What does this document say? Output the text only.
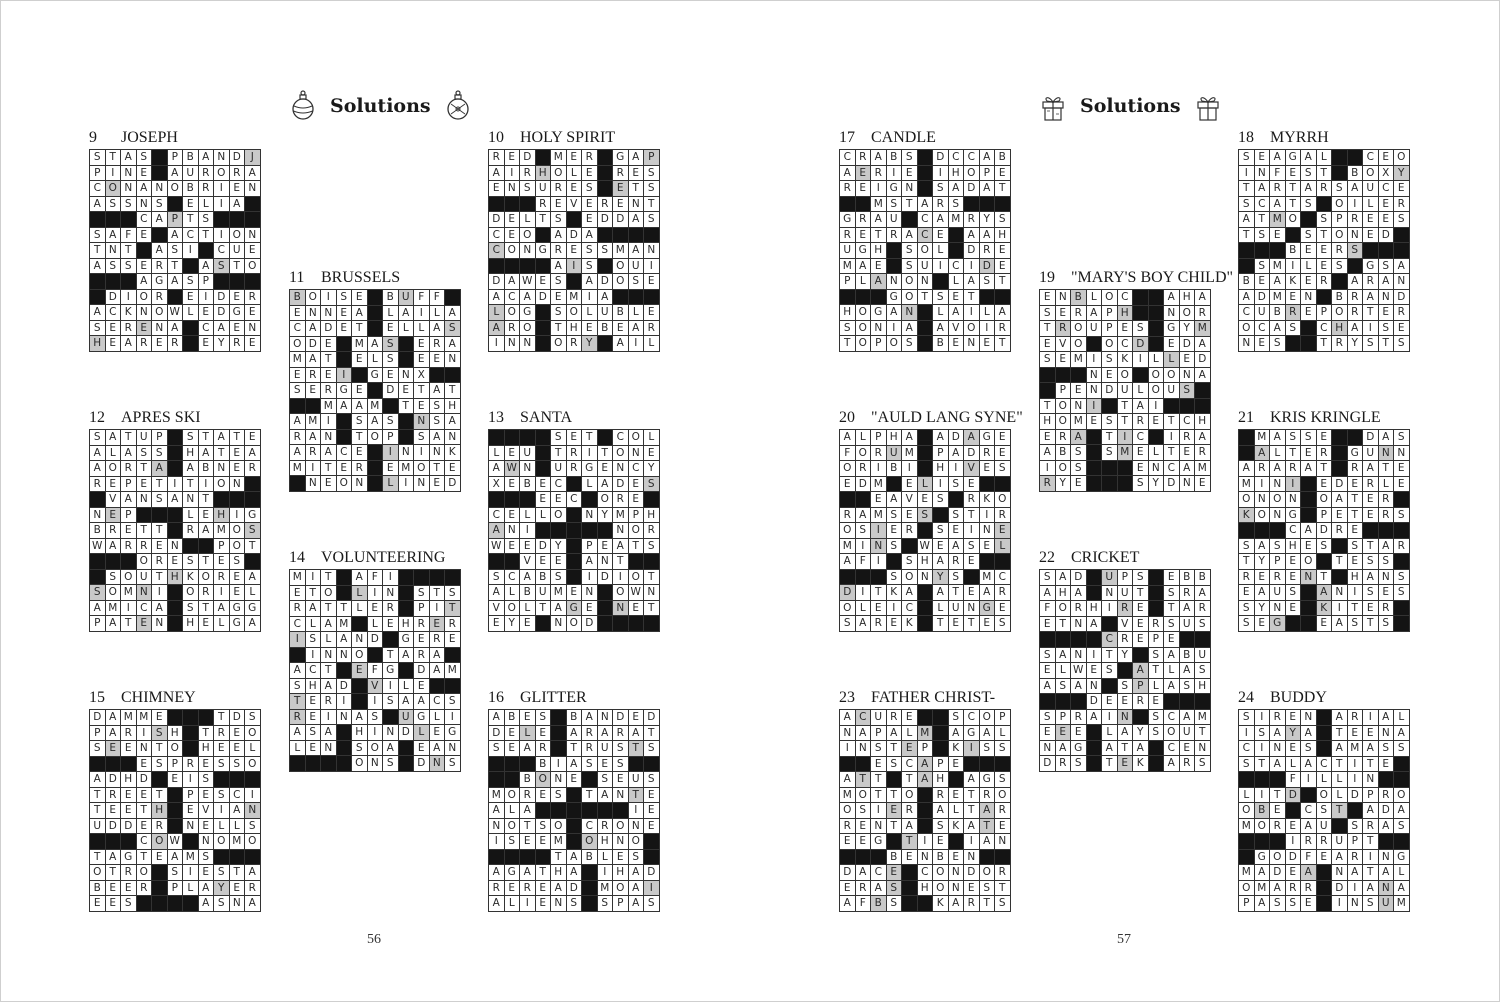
Solutions	Solutions
9 JOSEPH
S T A S	P B A N D J
P	I N E	A U R O R A
C O N A N O B R I	E N
A S S N S	E L	I A
C A P T S
S A F E	A C T	I O N
T N T	A S	I	C U E
A S S E R T	A S T O
A G A S P
D I O R	E	I D E R
A C K N O W L E D G E
S E R E N A	C A E N
H E A R E R	E Y R E
10 HOLY SPIRIT
R E D	M E R	G A P
A I R H O L E	R E S
E N S U R E S	E T S
R E V E R E N T
D E L T S	E D D A S
C E O	A D A
C O N G R E S S M A N
A I	S	O U I
D A W E S	A D O S E
A C A D E M I A
L O G	S O L U B L E
A R O	T H E B E A R
I N N	O R Y	A I	L
11 BRUSSELS
B O I	S E	B U F F
E N N E A	L A I	L A
C A D E T	E L L A S
O D E	M A S	E R A
M A T	E L S	E E N
E R E	I	G E N X
S E R G E	D E T A T
M A A M	T E S H
A M I	S A S	N S A
R A N	T O P	S A N
A R A C E	I N I N K
M I	T E R	E M O T E
N E O N	L	I N E D
12 APRES SKI
S A T U P	S T A T E
A L A S S	H A T E A
A O R T A	A B N E R
R E P E T	I	T	I O N
V A N S A N T
N E P	L E H I G
B R E T T	R A M O S
W A R R E N	P O T
O R E S T E S
S O U T H K O R E A
S O M N I	O R I	E L
A M I C A	S T A G G
P A T E N	H E L G A
13 SANTA
S E T	C O L
L E U	T R I	T O N E
A W N	U R G E N C Y
X E B E C	L A D E S
E E C	O R E
C E L L O	N Y M P H
A N I	N O R
W E E D Y	P E A T S
V E E	A N T
S C A B S	I D I O T
A L B U M E N	O W N
V O L T A G E	N E T
E Y E	N O D
14 VOLUNTEERING
M I	T	A F	I
E T O	L	I N	S T S
R A T T L E R	P	I	T
C L A M	L E H R E R
I	S L A N D	G E R E
I N N O	T A R A
A C T	E F G	D A M
S H A D	V I	L E
T E R I	I	S A A C S
R E	I N A S	U G L	I
A S A	H I N D L E G
L E N	S O A	E A N
O N S	D N S
15 CHIMNEY
D A M M E	T D S
P A R I	S H	T R E O
S E E N T O	H E E L
E S P R E S S O
A D H D	E	I	S
T R E E T	P E S C I
T E E T H	E V I A N
U D D E R	N E L L S
C O W	N O M O
T A G T E A M S
O T R O	S	I	E S T A
B E E R	P L A Y E R
E E S	A S N A
16 GLITTER
A B E S	B A N D E D
D E L E	A R A R A T
S E A R	T R U S T S
B I A S E S
B O N E	S E U S
M O R E S	T A N T E
A L A	I	E
N O T S O	C R O N E
I	S E E M	O H N O
T A B L E S
A G A T H A	I H A D
R E R E A D	M O A I
A L	I	E N S	S P A S
17 CANDLE
C R A B S	D C C A B
A E R I	E	I H O P E
R E	I G N	S A D A T
M S T A R S
G R A U	C A M R Y S
R E T R A C E	A A H
U G H	S O L	D R E
M A E	S U I C I D E
P L A N O N	L A S T
G O T S E T
H O G A N	L A I	L A
S O N I A	A V O I R
T O P O S	B E N E T
18 MYRRH
S E A G A L	C E O
I N F E S T	B O X Y
T A R T A R S A U C E
S C A T S	O I	L E R
A T M O	S P R E E S
T S E	S T O N E D
B E E R S
S M I	L E S	G S A
B E A K E R	A R A N
A D M E N	B R A N D
C U B R E P O R T E R
O C A S	C H A I	S E
N E S	T R Y S T S
19 "MARY'S BOY CHILD"
E N B L O C	A H A
S E R A P H	N O R
T R O U P E S	G Y M
E V O	O C D	E D A
S E M I	S K	I	L L E D
N E O	O O N A
P E N D U L O U S
T O N I	T A I
H O M E S T R E T C H
E R A	T	I C	I R A
A B S	S M E L T E R
I O S	E N C A M
R Y E	S Y D N E
20 "AULD LANG SYNE"
A L P H A	A D A G E
F O R U M	P A D R E
O R I B I	H I V E S
E D M	E L	I	S E
E A V E S	R K O
R A M S E S	S T	I R
O S	I	E R	S E	I N E
M I N S	W E A S E L
A F	I	S H A R E
S O N Y S	M C
D I	T K A	A T E A R
O L E	I C	L U N G E
S A R E K	T E T E S
21 KRIS KRINGLE
M A S S E	D A S
A L T E R	G U N N
A R A R A T	R A T E
M I N I	E D E R L E
O N O N	O A T E R
K O N G	P E T E R S
C A D R E
S A S H E S	S T A R
T Y P E O	T E S S
R E R E N T	H A N S
E A U S	A N I	S E S
S Y N E	K	I	T E R
S E G	E A S T S
22 CRICKET
S A D	U P S	E B B
A H A	N U T	S R A
F O R H I R E	T A R
E T N A	V E R S U S
C R E P E
S A N I	T Y	S A B U
E L W E S	A T L A S
A S A N	S P L A S H
D E E R E
S P R A I N	S C A M
E E E	L A Y S O U T
N A G	A T A	C E N
D R S	T E K	A R S
23 FATHER CHRIST-
A C U R E	S C O P
N A P A L M	A G A L
I N S T E P	K	I	S S
E S C A P E
A T T	T A H	A G S
M O T T O	R E T R O
O S	I	E R	A L T A R
R E N T A	S K A T E
E E G	T	I	E	I A N
B E N B E N
D A C E	C O N D O R
E R A S	H O N E S T
A F B S	K A R T S
24 BUDDY
S	I R E N	A R I A L
I	S A Y A	T E E N A
C I N E S	A M A S S
S T A L A C T	I	T E
F	I	L L	I N
L	I	T D	O L D P R O
O B E	C S T	A D A
M O R E A U	S R A S
I R R U P T
G O D F E A R I N G
M A D E A	N A T A L
O M A R R	D I A N A
P A S S E	I N S U M
56	57
